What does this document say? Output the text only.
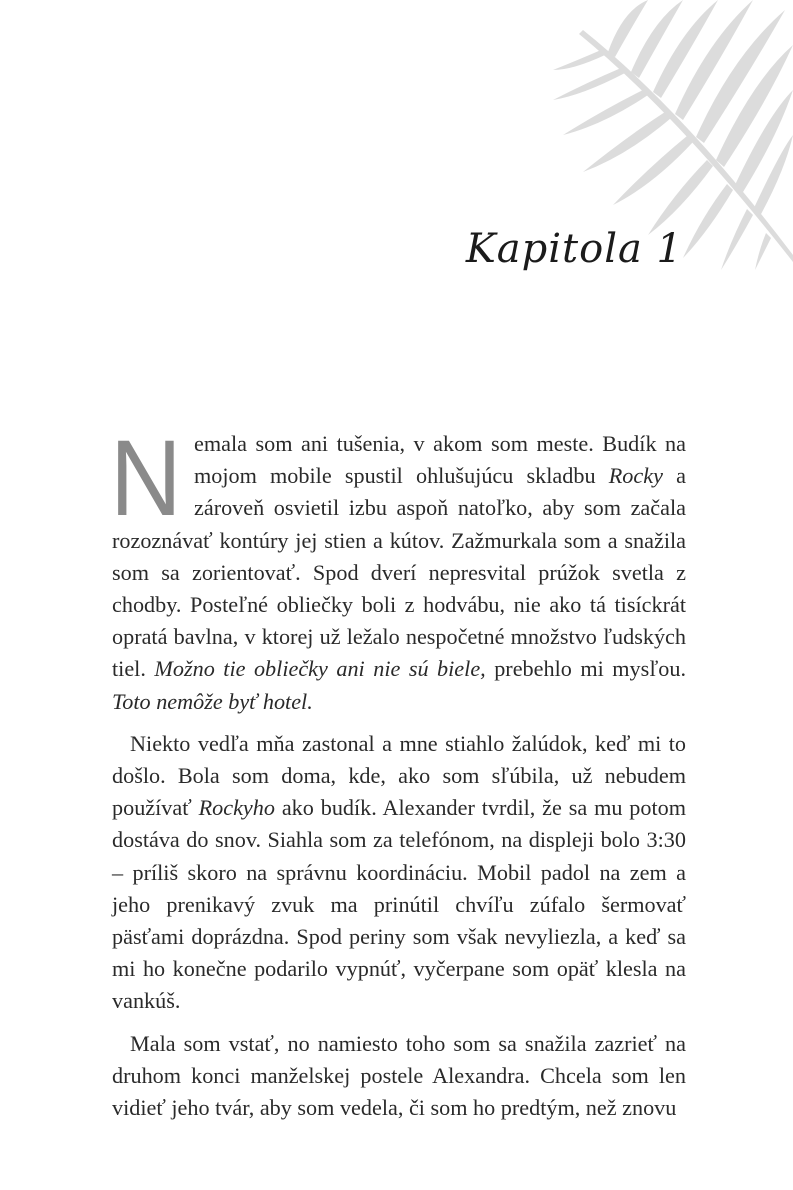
Kapitola 1

Nemala som ani tušenia, v akom som meste. Budík na mojom mobile spustil ohlušujúcu skladbu Rocky a zároveň osvietil izbu aspoň natoľko, aby som začala rozoznávať kontúry jej stien a kútov. Zažmurkala som a snažila som sa zorientovať. Spod dverí nepresvital prúžok svetla z chodby. Posteľné obliečky boli z hodvábu, nie ako tá tisíckrát opratá bavlna, v ktorej už ležalo nespočetné množstvo ľudských tiel. Možno tie obliečky ani nie sú biele, prebehlo mi mysľou. Toto nemôže byť hotel.

Niekto vedľa mňa zastonal a mne stiahlo žalúdok, keď mi to došlo. Bola som doma, kde, ako som sľúbila, už nebudem používať Rockyho ako budík. Alexander tvrdil, že sa mu potom dostáva do snov. Siahla som za telefónom, na displeji bolo 3:30 – príliš skoro na správnu koordináciu. Mobil padol na zem a jeho prenikavý zvuk ma prinútil chvíľu zúfalo šermovať päsťami doprázdna. Spod periny som však nevyliezla, a keď sa mi ho konečne podarilo vypnúť, vyčerpane som opäť klesla na vankúš.

Mala som vstať, no namiesto toho som sa snažila zazrieť na druhom konci manželskej postele Alexandra. Chcela som len vidieť jeho tvár, aby som vedela, či som ho predtým, než znovu
